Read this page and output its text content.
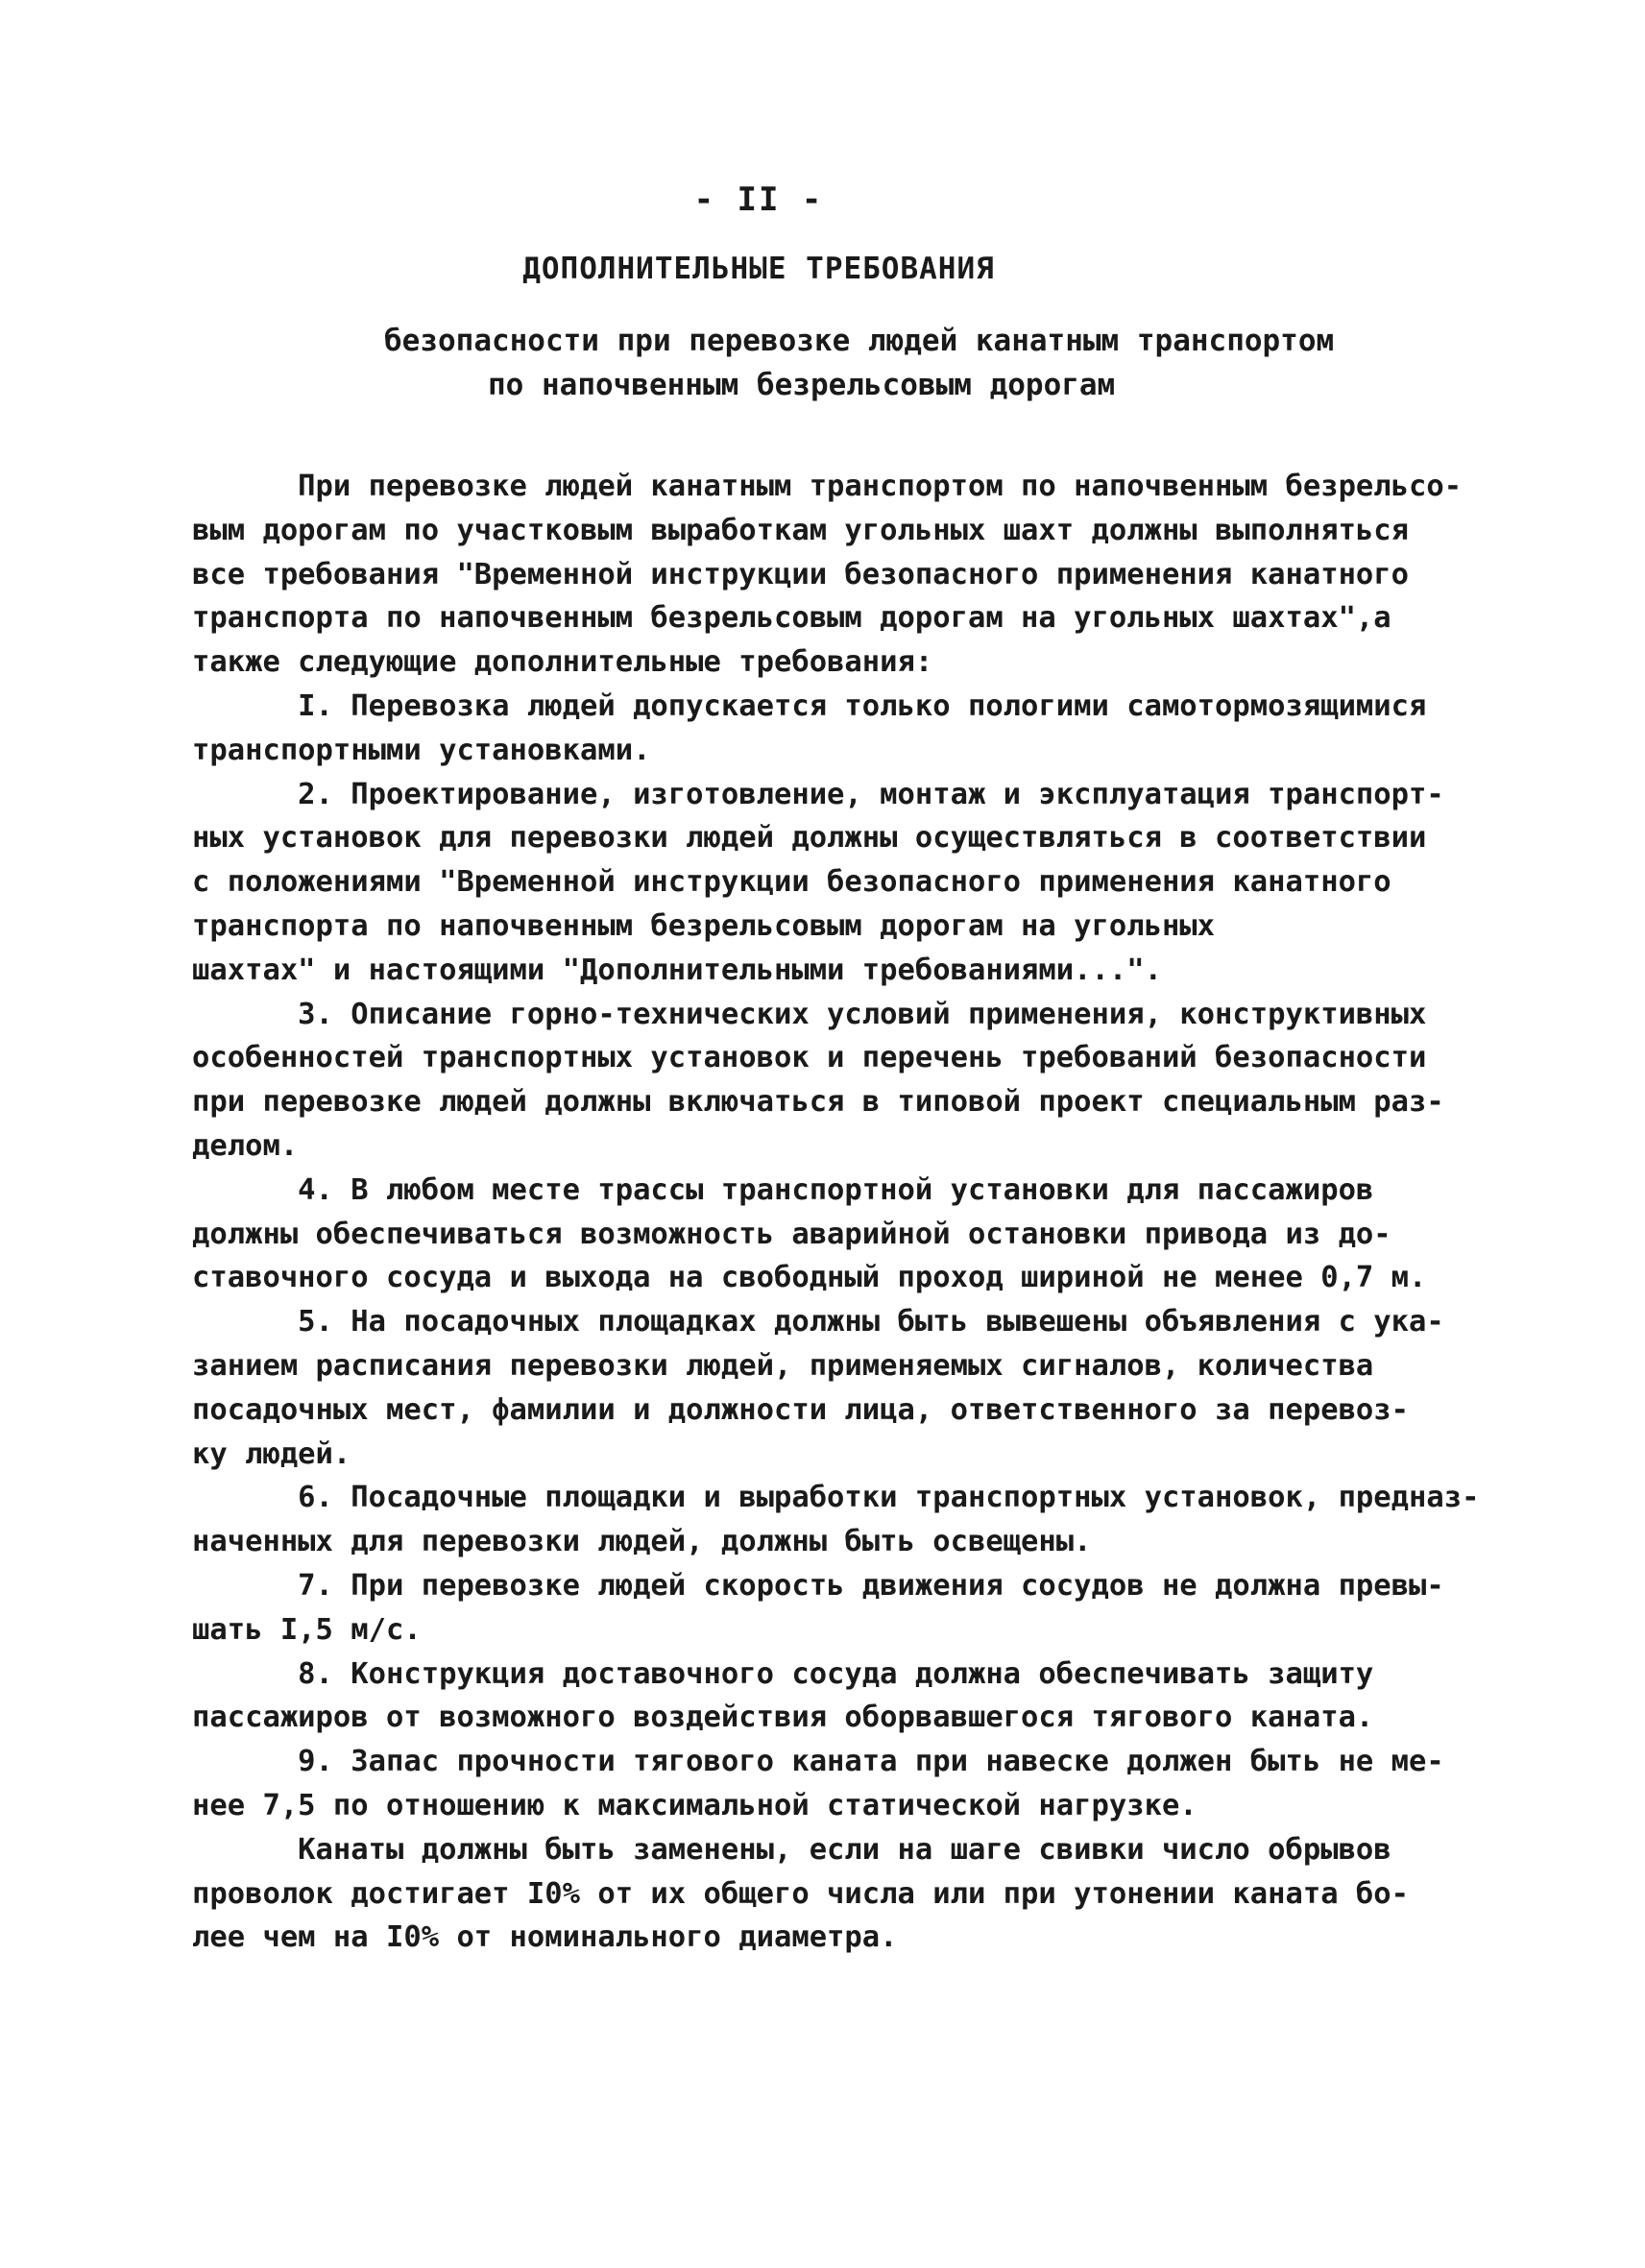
- II -
ДОПОЛНИТЕЛЬНЫЕ ТРЕБОВАНИЯ
безопасности при перевозке людей канатным транспортом
по напочвенным безрельсовым дорогам
При перевозке людей канатным транспортом по напочвенным безрельсо-
вым дорогам по участковым выработкам угольных шахт должны выполняться
все требования "Временной инструкции безопасного применения канатного
транспорта по напочвенным безрельсовым дорогам на угольных шахтах",а
также следующие дополнительные требования:
I. Перевозка людей допускается только пологими самотормозящимися
транспортными установками.
2. Проектирование, изготовление, монтаж и эксплуатация транспорт-
ных установок для перевозки людей должны осуществляться в соответствии
с положениями "Временной инструкции безопасного применения канатного
транспорта по напочвенным безрельсовым дорогам на угольных
шахтах" и настоящими "Дополнительными требованиями...".
3. Описание горно-технических условий применения, конструктивных
особенностей транспортных установок и перечень требований безопасности
при перевозке людей должны включаться в типовой проект специальным раз-
делом.
4. В любом месте трассы транспортной установки для пассажиров
должны обеспечиваться возможность аварийной остановки привода из до-
ставочного сосуда и выхода на свободный проход шириной не менее 0,7 м.
5. На посадочных площадках должны быть вывешены объявления с ука-
занием расписания перевозки людей, применяемых сигналов, количества
посадочных мест, фамилии и должности лица, ответственного за перевоз-
ку людей.
6. Посадочные площадки и выработки транспортных установок, предназ-
наченных для перевозки людей, должны быть освещены.
7. При перевозке людей скорость движения сосудов не должна превы-
шать I,5 м/с.
8. Конструкция доставочного сосуда должна обеспечивать защиту
пассажиров от возможного воздействия оборвавшегося тягового каната.
9. Запас прочности тягового каната при навеске должен быть не ме-
нее 7,5 по отношению к максимальной статической нагрузке.
Канаты должны быть заменены, если на шаге свивки число обрывов
проволок достигает I0% от их общего числа или при утонении каната бо-
лее чем на I0% от номинального диаметра.
